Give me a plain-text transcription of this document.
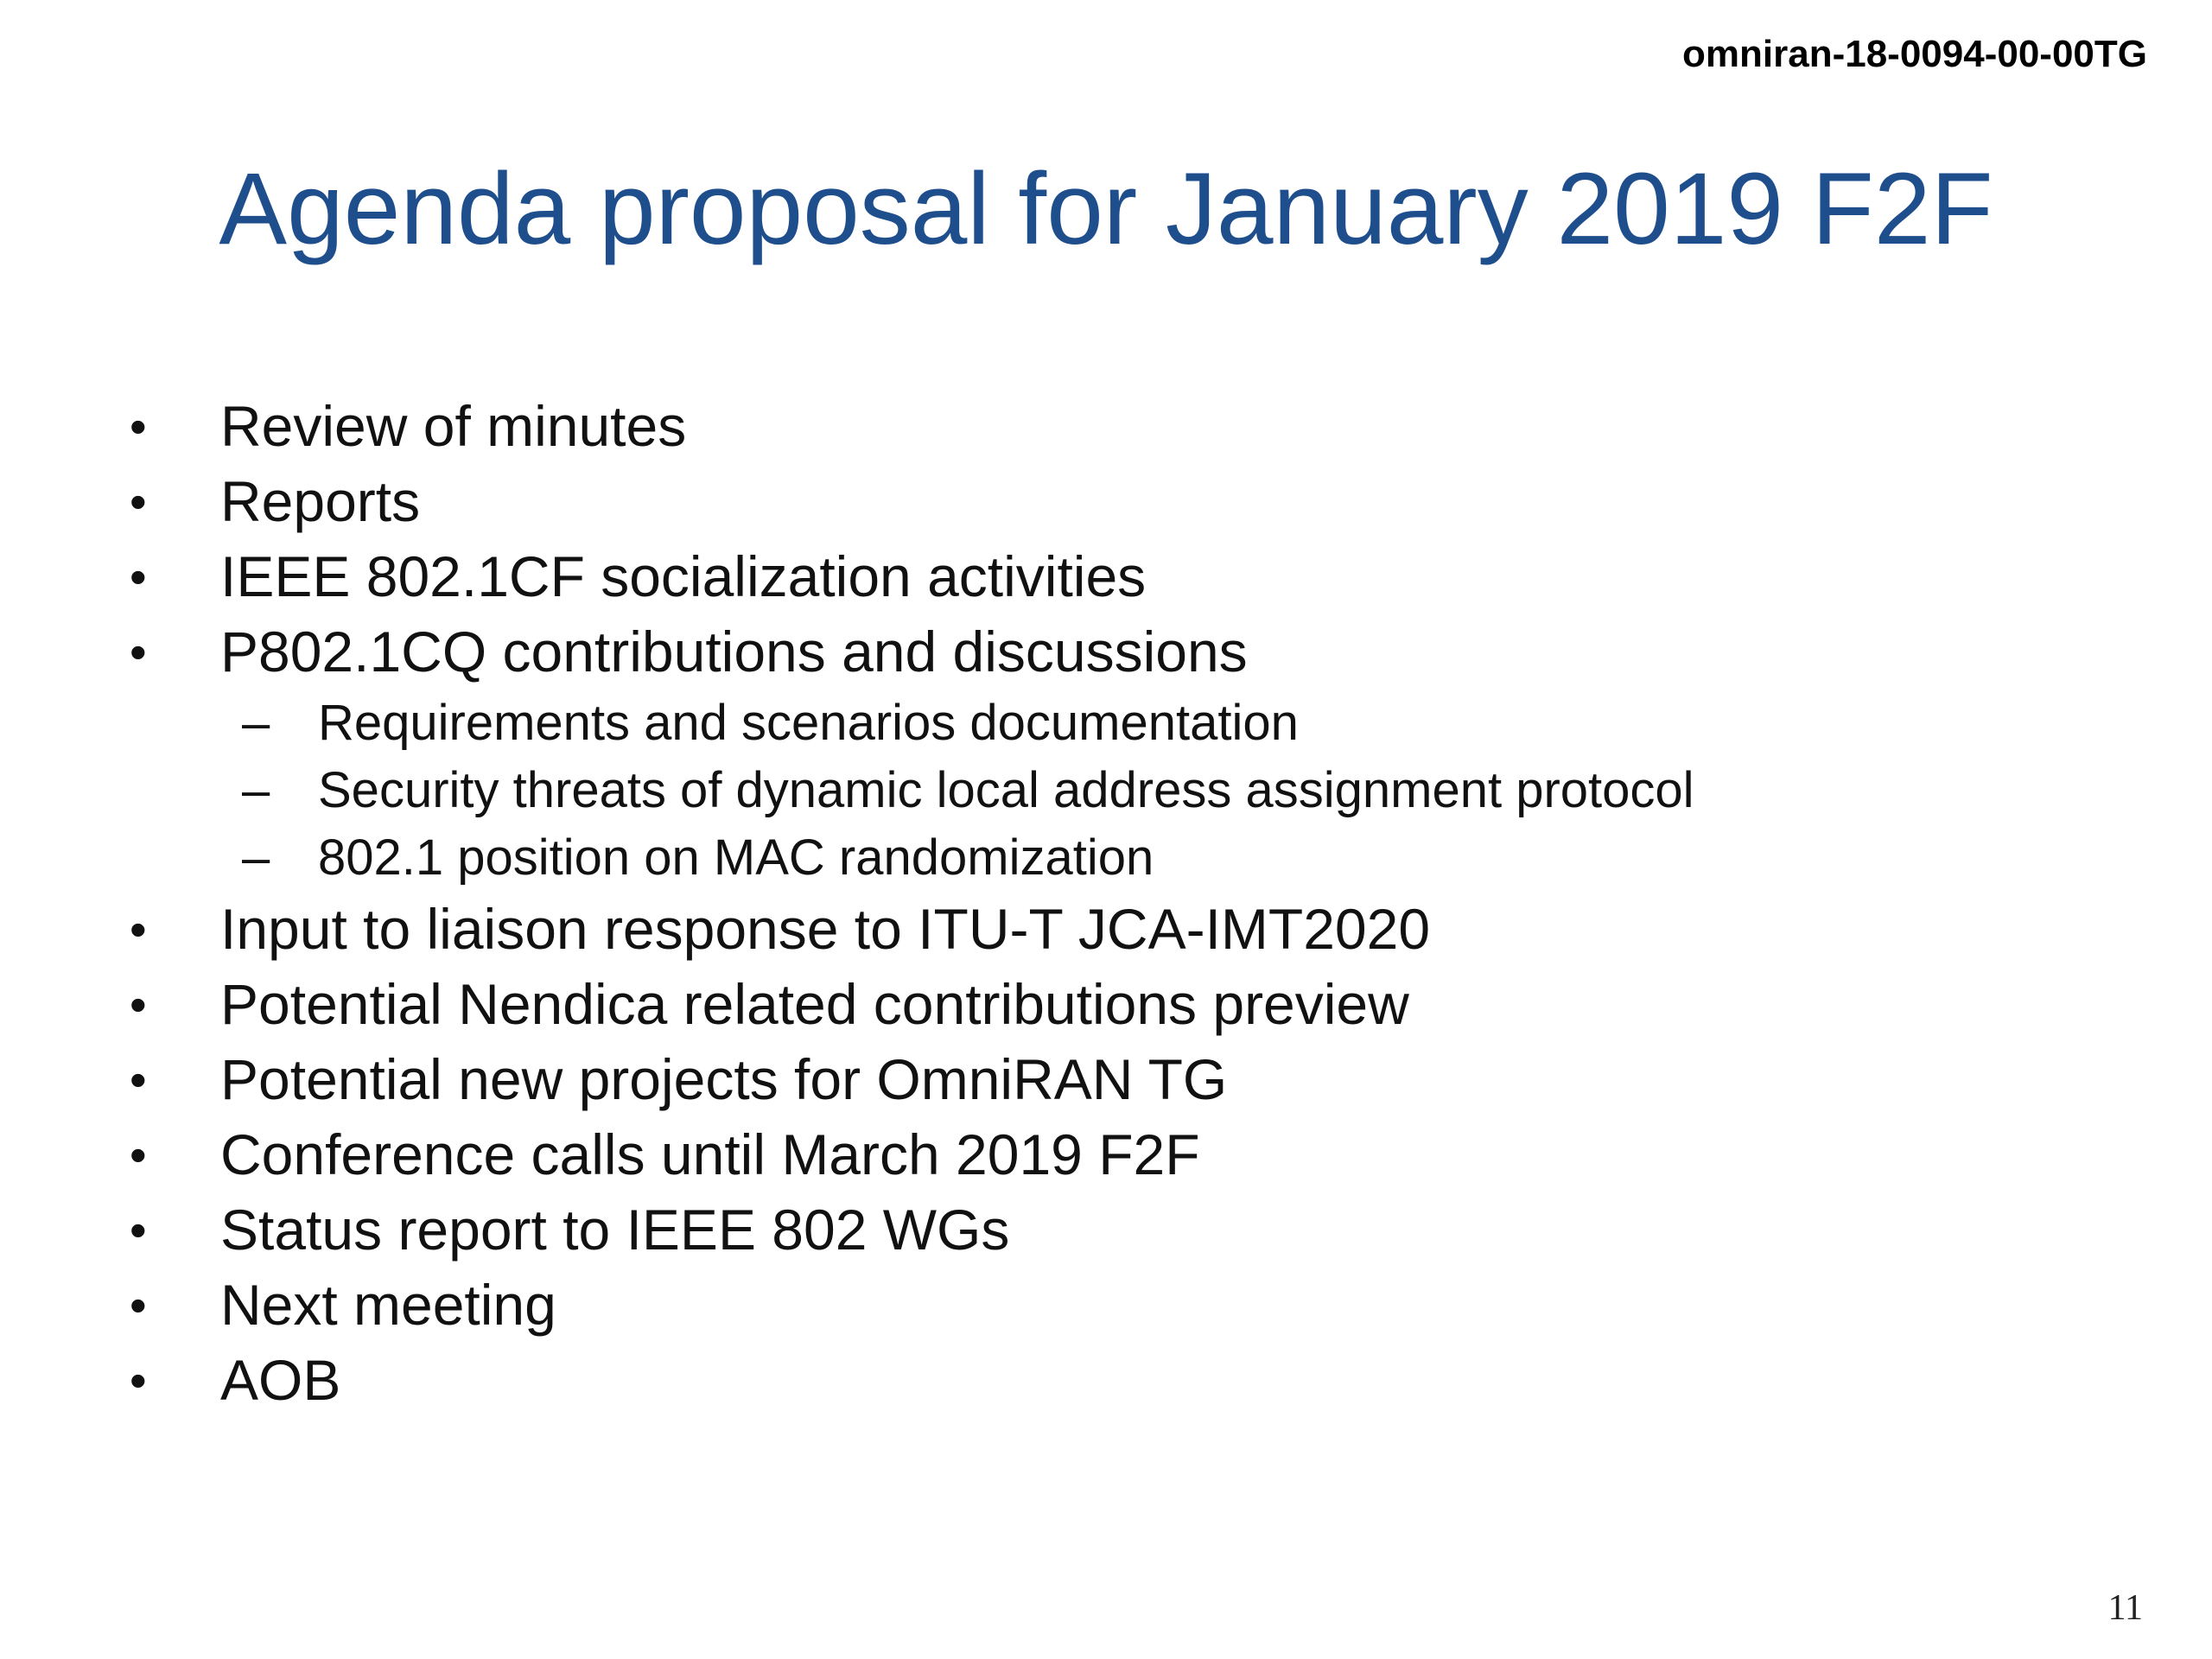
omniran-18-0094-00-00TG
Agenda proposal for January 2019 F2F
•	Review of minutes
•	Reports
•	IEEE 802.1CF socialization activities
•	P802.1CQ contributions and discussions
– Requirements and scenarios documentation
– Security threats of dynamic local address assignment protocol
– 802.1 position on MAC randomization
•	Input to liaison response to ITU-T JCA-IMT2020
•	Potential Nendica related contributions preview
•	Potential new projects for OmniRAN TG
•	Conference calls until March 2019 F2F
•	Status report to IEEE 802 WGs
•	Next meeting
•	AOB
11
